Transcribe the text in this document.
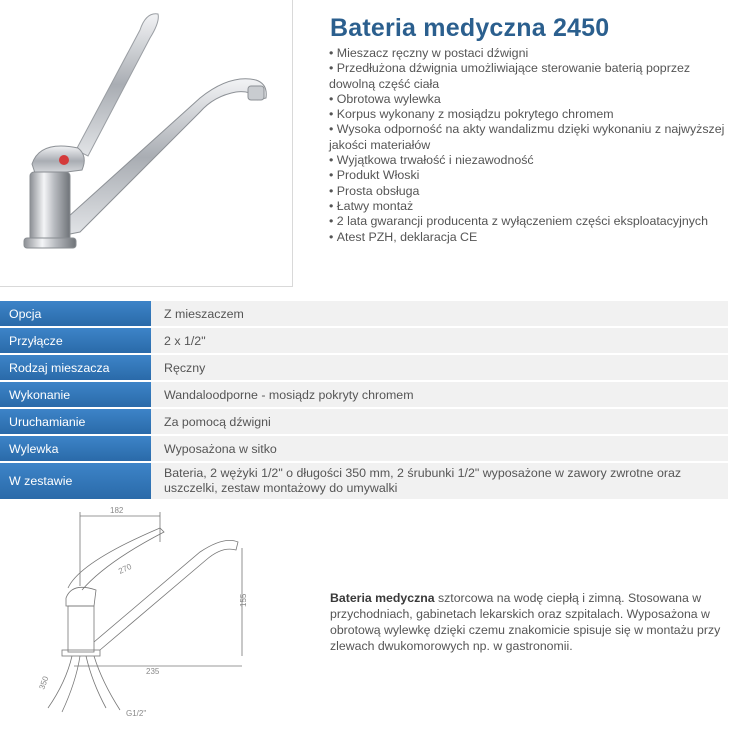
Bateria medyczna 2450
• Mieszacz ręczny w postaci dźwigni
• Przedłużona dźwignia umożliwiające sterowanie baterią poprzez dowolną część ciała
• Obrotowa wylewka
• Korpus wykonany z mosiądzu pokrytego chromem
• Wysoka odporność na akty wandalizmu dzięki wykonaniu z najwyższej jakości materiałów
• Wyjątkowa trwałość i niezawodność
• Produkt Włoski
• Prosta obsługa
• Łatwy montaż
• 2 lata gwarancji producenta z wyłączeniem części eksploatacyjnych
• Atest PZH, deklaracja CE
Opcja	Z mieszaczem
Przyłącze	2 x 1/2"
Rodzaj mieszacza	Ręczny
Wykonanie	Wandaloodporne - mosiądz pokryty chromem
Uruchamianie	Za pomocą dźwigni
Wylewka	Wyposażona w sitko
W zestawie	Bateria, 2 wężyki 1/2" o długości 350 mm, 2 śrubunki 1/2" wyposażone w zawory zwrotne oraz uszczelki, zestaw montażowy do umywalki
182
155
235
270
350
G1/2"

Bateria medyczna sztorcowa na wodę ciepłą i zimną. Stosowana w przychodniach, gabinetach lekarskich oraz szpitalach. Wyposażona w obrotową wylewkę dzięki czemu znakomicie spisuje się w montażu przy zlewach dwukomorowych np. w gastronomii.
